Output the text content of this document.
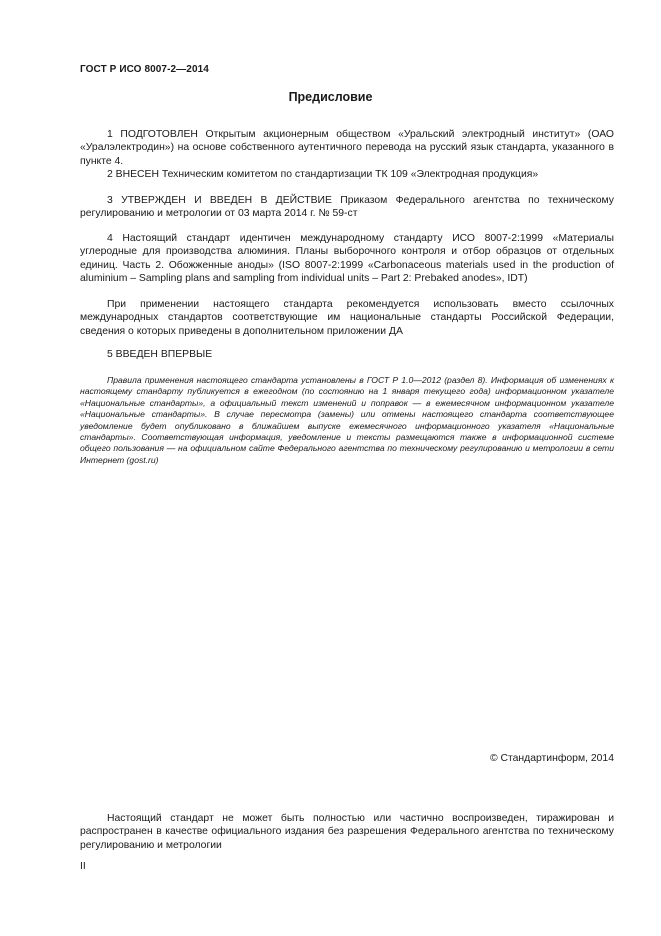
ГОСТ Р ИСО 8007-2—2014
Предисловие

1 ПОДГОТОВЛЕН Открытым акционерным обществом «Уральский электродный институт» (ОАО «Уралэлектродин») на основе собственного аутентичного перевода на русский язык стандарта, указанного в пункте 4.

2 ВНЕСЕН Техническим комитетом по стандартизации ТК 109 «Электродная продукция»

3 УТВЕРЖДЕН И ВВЕДЕН В ДЕЙСТВИЕ Приказом Федерального агентства по техническому регулированию и метрологии от 03 марта 2014 г. № 59-ст

4 Настоящий стандарт идентичен международному стандарту ИСО 8007-2:1999 «Материалы углеродные для производства алюминия. Планы выборочного контроля и отбор образцов от отдельных единиц. Часть 2. Обожженные аноды» (ISO 8007-2:1999 «Carbonaceous materials used in the production of aluminium – Sampling plans and sampling from individual units – Part 2: Prebaked anodes», IDT)

При применении настоящего стандарта рекомендуется использовать вместо ссылочных международных стандартов соответствующие им национальные стандарты Российской Федерации, сведения о которых приведены в дополнительном приложении ДА

5 ВВЕДЕН ВПЕРВЫЕ

Правила применения настоящего стандарта установлены в ГОСТ Р 1.0—2012 (раздел 8). Информация об изменениях к настоящему стандарту публикуется в ежегодном (по состоянию на 1 января текущего года) информационном указателе «Национальные стандарты», а официальный текст изменений и поправок — в ежемесячном информационном указателе «Национальные стандарты». В случае пересмотра (замены) или отмены настоящего стандарта соответствующее уведомление будет опубликовано в ближайшем выпуске ежемесячного информационного указателя «Национальные стандарты». Соответствующая информация, уведомление и тексты размещаются также в информационной системе общего пользования — на официальном сайте Федерального агентства по техническому регулированию и метрологии в сети Интернет (gost.ru)

© Стандартинформ, 2014

Настоящий стандарт не может быть полностью или частично воспроизведен, тиражирован и распространен в качестве официального издания без разрешения Федерального агентства по техническому регулированию и метрологии

II
